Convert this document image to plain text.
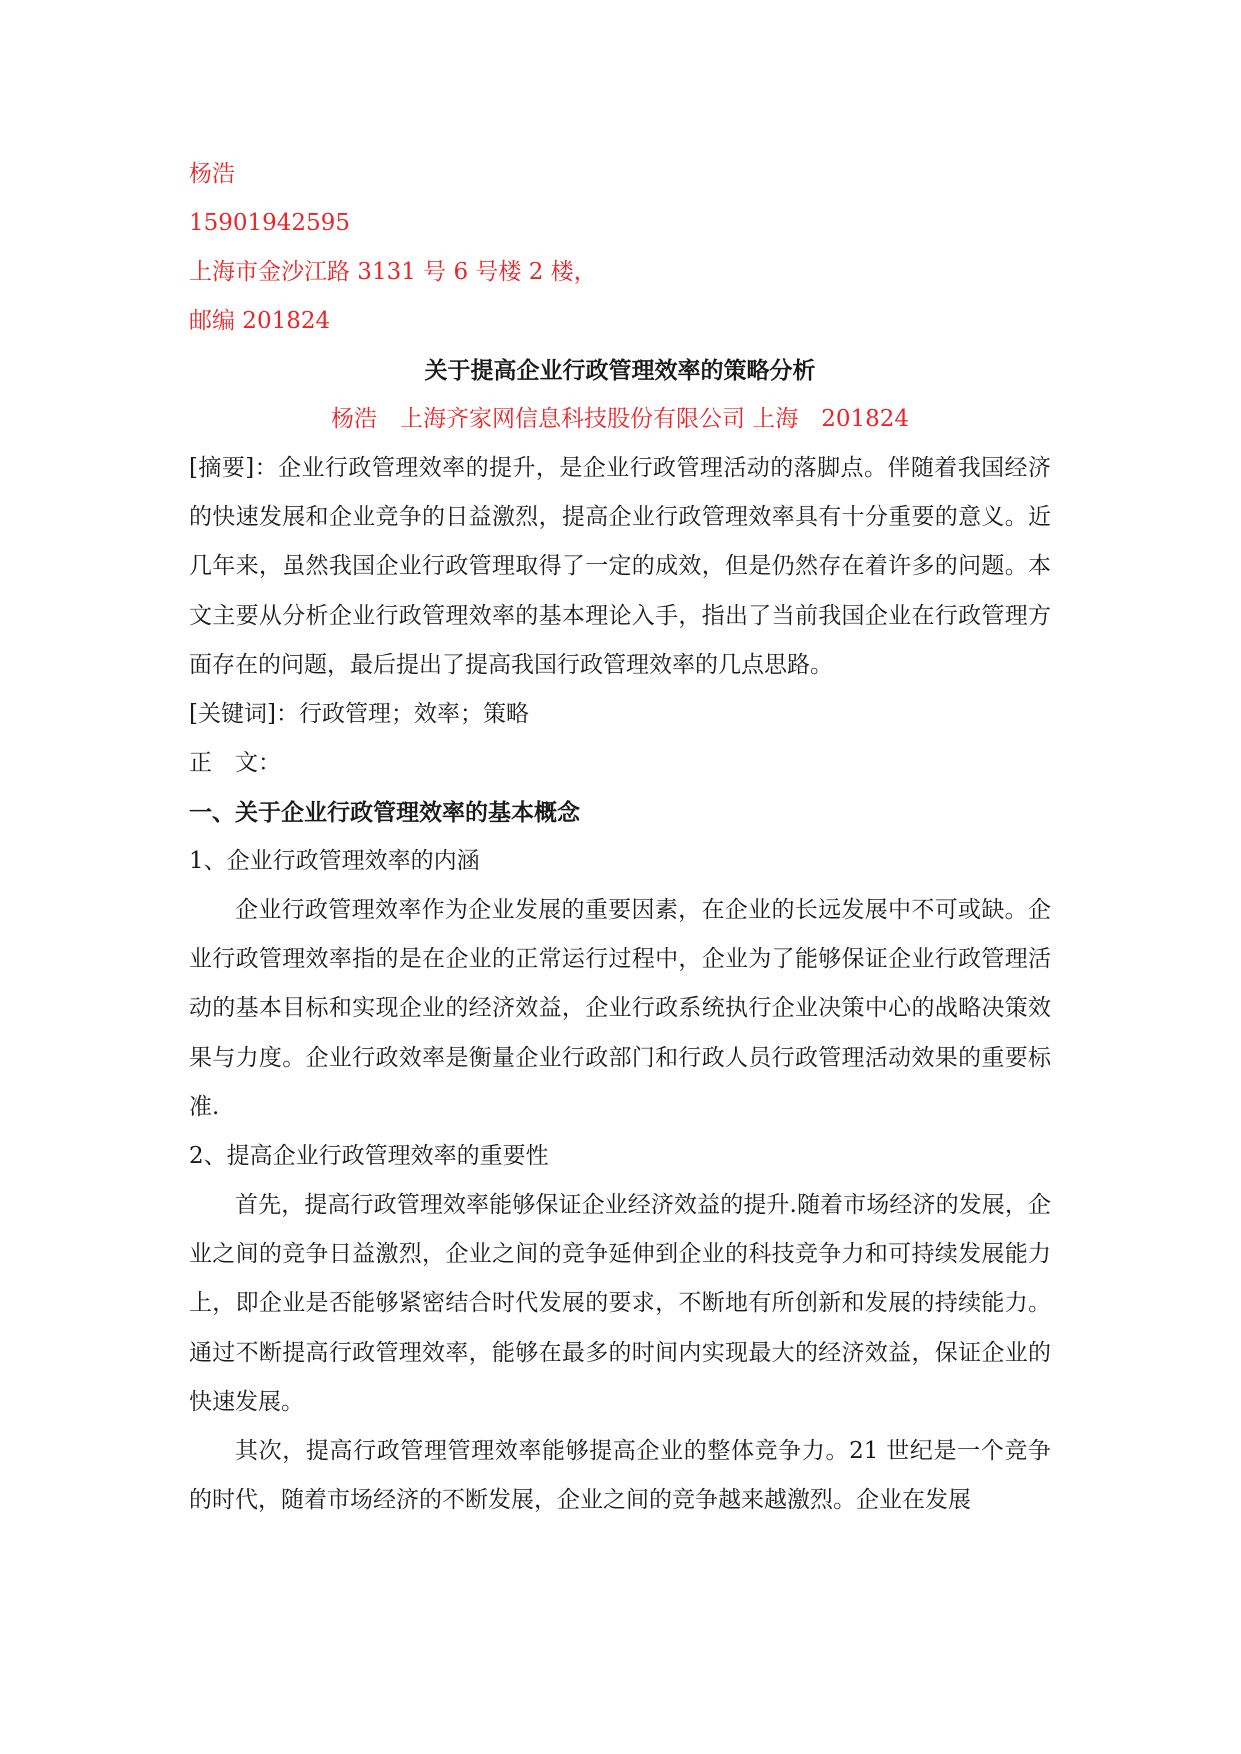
杨浩

15901942595

上海市金沙江路 3131 号 6 号楼 2 楼，

邮编 201824

关于提高企业行政管理效率的策略分析

杨浩　上海齐家网信息科技股份有限公司 上海　201824

[摘要]：企业行政管理效率的提升，是企业行政管理活动的落脚点。伴随着我国经济的快速发展和企业竞争的日益激烈，提高企业行政管理效率具有十分重要的意义。近几年来，虽然我国企业行政管理取得了一定的成效，但是仍然存在着许多的问题。本文主要从分析企业行政管理效率的基本理论入手，指出了当前我国企业在行政管理方面存在的问题，最后提出了提高我国行政管理效率的几点思路。

[关键词]：行政管理；效率；策略

正　文：

一、关于企业行政管理效率的基本概念

1、企业行政管理效率的内涵

企业行政管理效率作为企业发展的重要因素，在企业的长远发展中不可或缺。企业行政管理效率指的是在企业的正常运行过程中，企业为了能够保证企业行政管理活动的基本目标和实现企业的经济效益，企业行政系统执行企业决策中心的战略决策效果与力度。企业行政效率是衡量企业行政部门和行政人员行政管理活动效果的重要标准.

2、提高企业行政管理效率的重要性

首先，提高行政管理效率能够保证企业经济效益的提升.随着市场经济的发展，企业之间的竞争日益激烈，企业之间的竞争延伸到企业的科技竞争力和可持续发展能力上，即企业是否能够紧密结合时代发展的要求，不断地有所创新和发展的持续能力。通过不断提高行政管理效率，能够在最多的时间内实现最大的经济效益，保证企业的快速发展。

其次，提高行政管理管理效率能够提高企业的整体竞争力。21 世纪是一个竞争的时代，随着市场经济的不断发展，企业之间的竞争越来越激烈。企业在发展
